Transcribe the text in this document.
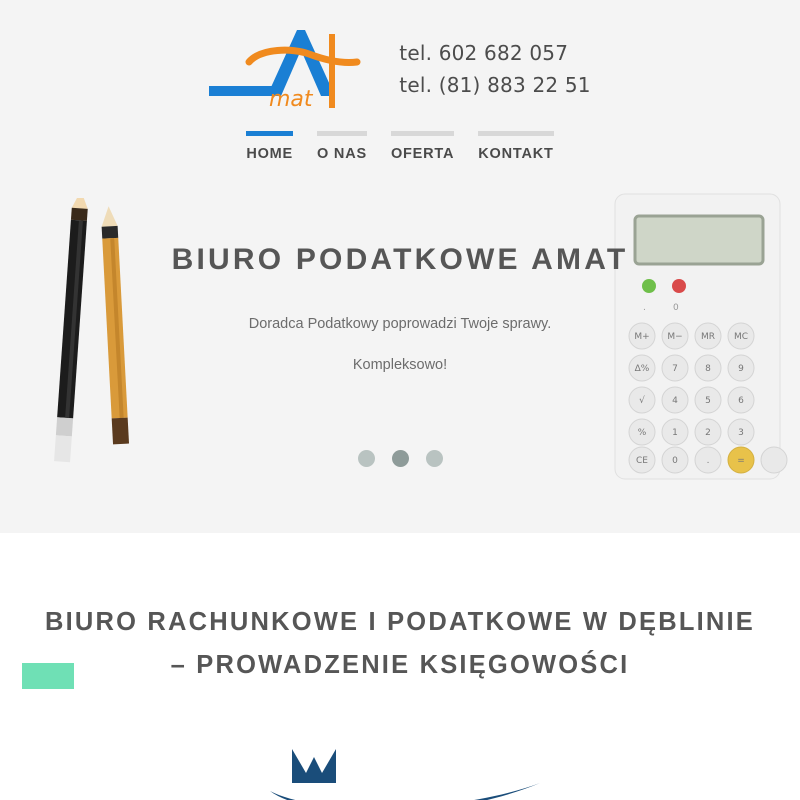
mat
tel. 602 682 057
tel. (81) 883 22 51
HOME O NAS OFERTA KONTAKT
.	0
M+ M− MR MC
Δ%	7	8	9
√	4	5	6
%	1	2	3
CE	0	.	=
BIURO PODATKOWE AMAT
Doradca Podatkowy poprowadzi Twoje sprawy.
Kompleksowo!
BIURO RACHUNKOWE I PODATKOWE W DĘBLINIE
– PROWADZENIE KSIĘGOWOŚCI
